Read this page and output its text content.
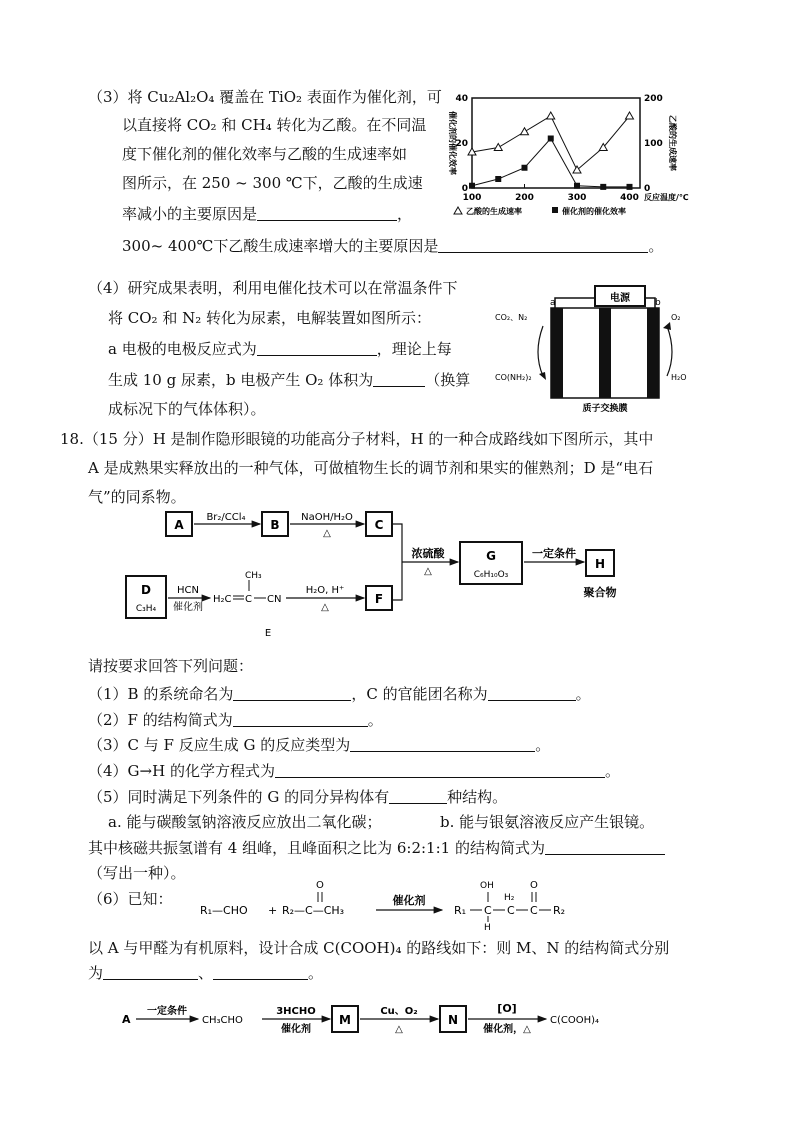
（3）将 Cu₂Al₂O₄ 覆盖在 TiO₂ 表面作为催化剂，可
以直接将 CO₂ 和 CH₄ 转化为乙酸。在不同温
度下催化剂的催化效率与乙酸的生成速率如
图所示，在 250 ~ 300 ℃下，乙酸的生成速
率减小的主要原因是	，
300~ 400℃下乙酸生成速率增大的主要原因是	。
100	200	300	400
0
20
40
0
100
200
反应温度/℃
催化剂的催化效率	乙酸的生成速率
乙酸的生成速率	催化剂的催化效率
（4）研究成果表明，利用电催化技术可以在常温条件下
将 CO₂ 和 N₂ 转化为尿素，电解装置如图所示：
a 电极的电极反应式为	，理论上每
生成 10 g 尿素，b 电极产生 O₂ 体积为	（换算
成标况下的气体体积）。
电源
a	b
CO₂、N₂
CO(NH₂)₂
O₂
H₂O
质子交换膜
18.（15 分）H 是制作隐形眼镜的功能高分子材料，H 的一种合成路线如下图所示，其中
A 是成熟果实释放出的一种气体，可做植物生长的调节剂和果实的催熟剂；D 是“电石
气”的同系物。
A
Br₂/CCl₄
B
NaOH/H₂O
△
C
浓硫酸
△
G
C₆H₁₀O₃
一定条件
H
聚合物
D
C₃H₄
HCN
催化剂
H₂C C
CH₃
CN
E
H₂O, H⁺
△
F
请按要求回答下列问题：
（1）B 的系统命名为	，C 的官能团名称为	。
（2）F 的结构简式为	。
（3）C 与 F 反应生成 G 的反应类型为	。
（4）G→H 的化学方程式为	。
（5）同时满足下列条件的 G 的同分异构体有	种结构。
a. 能与碳酸氢钠溶液反应放出二氧化碳；	b. 能与银氨溶液反应产生银镜。
其中核磁共振氢谱有 4 组峰，且峰面积之比为 6:2:1:1 的结构简式为
（写出一种）。
（6）已知：
R₁—CHO + R₂—C—CH₃
O
催化剂
R₁ C
OH
H
C
H₂
C
O
R₂
以 A 与甲醛为有机原料，设计合成 C(COOH)₄ 的路线如下：则 M、N 的结构简式分别
为	、	。
A
一定条件
CH₃CHO
3HCHO
催化剂
M
Cu、O₂
△
N
[O]
催化剂，△
C(COOH)₄
